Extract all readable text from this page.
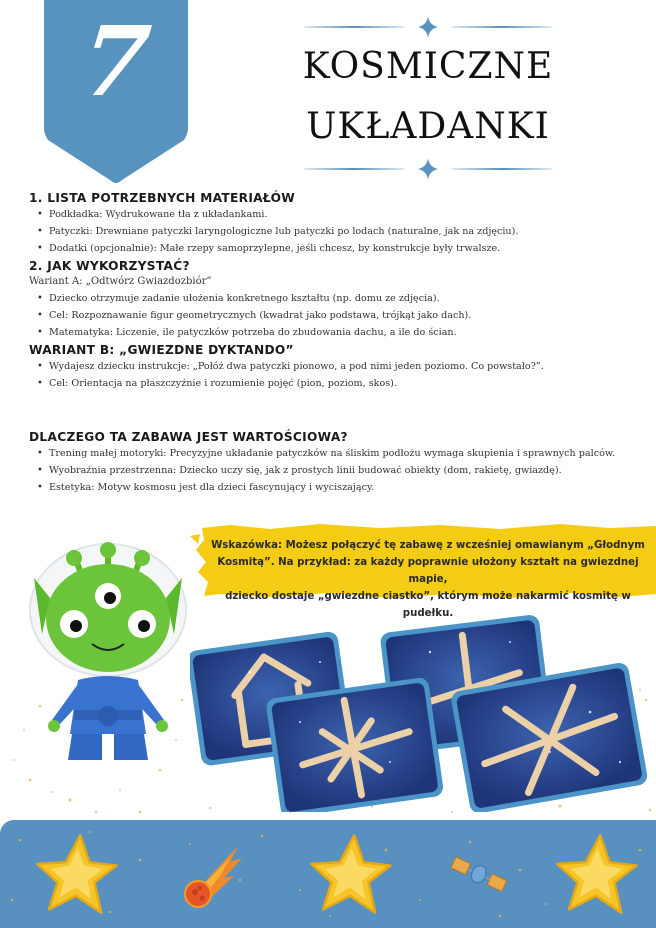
7	KOSMICZNE
UKŁADANKI
1. LISTA POTRZEBNYCH MATERIAŁÓW
• Podkładka: Wydrukowane tła z układankami.
• Patyczki: Drewniane patyczki laryngologiczne lub patyczki po lodach (naturalne, jak na zdjęciu).
• Dodatki (opcjonalnie): Małe rzepy samoprzylepne, jeśli chcesz, by konstrukcje były trwalsze.
2. JAK WYKORZYSTAĆ?
Wariant A: „Odtwórz Gwiazdozbiór”
• Dziecko otrzymuje zadanie ułożenia konkretnego kształtu (np. domu ze zdjęcia).
• Cel: Rozpoznawanie figur geometrycznych (kwadrat jako podstawa, trójkąt jako dach).
• Matematyka: Liczenie, ile patyczków potrzeba do zbudowania dachu, a ile do ścian.
WARIANT B: „GWIEZDNE DYKTANDO”
• Wydajesz dziecku instrukcje: „Połóż dwa patyczki pionowo, a pod nimi jeden poziomo. Co powstało?”.
• Cel: Orientacja na płaszczyźnie i rozumienie pojęć (pion, poziom, skos).
DLACZEGO TA ZABAWA JEST WARTOŚCIOWA?
• Trening małej motoryki: Precyzyjne układanie patyczków na śliskim podłożu wymaga skupienia i sprawnych palców.
• Wyobraźnia przestrzenna: Dziecko uczy się, jak z prostych linii budować obiekty (dom, rakietę, gwiazdę).
• Estetyka: Motyw kosmosu jest dla dzieci fascynujący i wyciszający.
Wskazówka: Możesz połączyć tę zabawę z wcześniej omawianym „Głodnym
Kosmitą”. Na przykład: za każdy poprawnie ułożony kształt na gwiezdnej mapie,
dziecko dostaje „gwiezdne ciastko”, którym może nakarmić kosmitę w pudełku.
